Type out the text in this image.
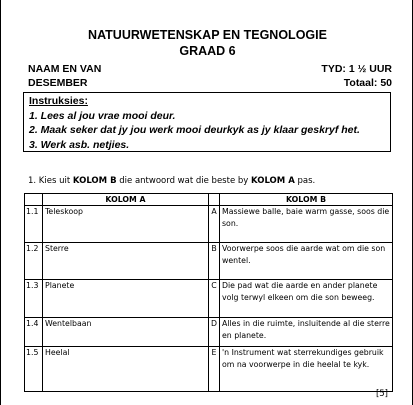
NATUURWETENSKAP EN TEGNOLOGIE
GRAAD 6
NAAM EN VAN
DESEMBER
TYD: 1 ½ UUR
Totaal: 50
Instruksies:
1. Lees al jou vrae mooi deur.
2. Maak seker dat jy jou werk mooi deurkyk as jy klaar geskryf het.
3. Werk asb. netjies.
1. Kies uit KOLOM B die antwoord wat die beste by KOLOM A pas.
	KOLOM A		KOLOM B
1.1	Teleskoop	A	Massiewe balle, baie warm gasse, soos die son.
1.2	Sterre	B	Voorwerpe soos die aarde wat om die son wentel.
1.3	Planete	C	Die pad wat die aarde en ander planete volg terwyl elkeen om die son beweeg.
1.4	Wentelbaan	D	Alles in die ruimte, insluitende al die sterre en planete.
1.5	Heelal	E	'n Instrument wat sterrekundiges gebruik om na voorwerpe in die heelal te kyk.
[5]
